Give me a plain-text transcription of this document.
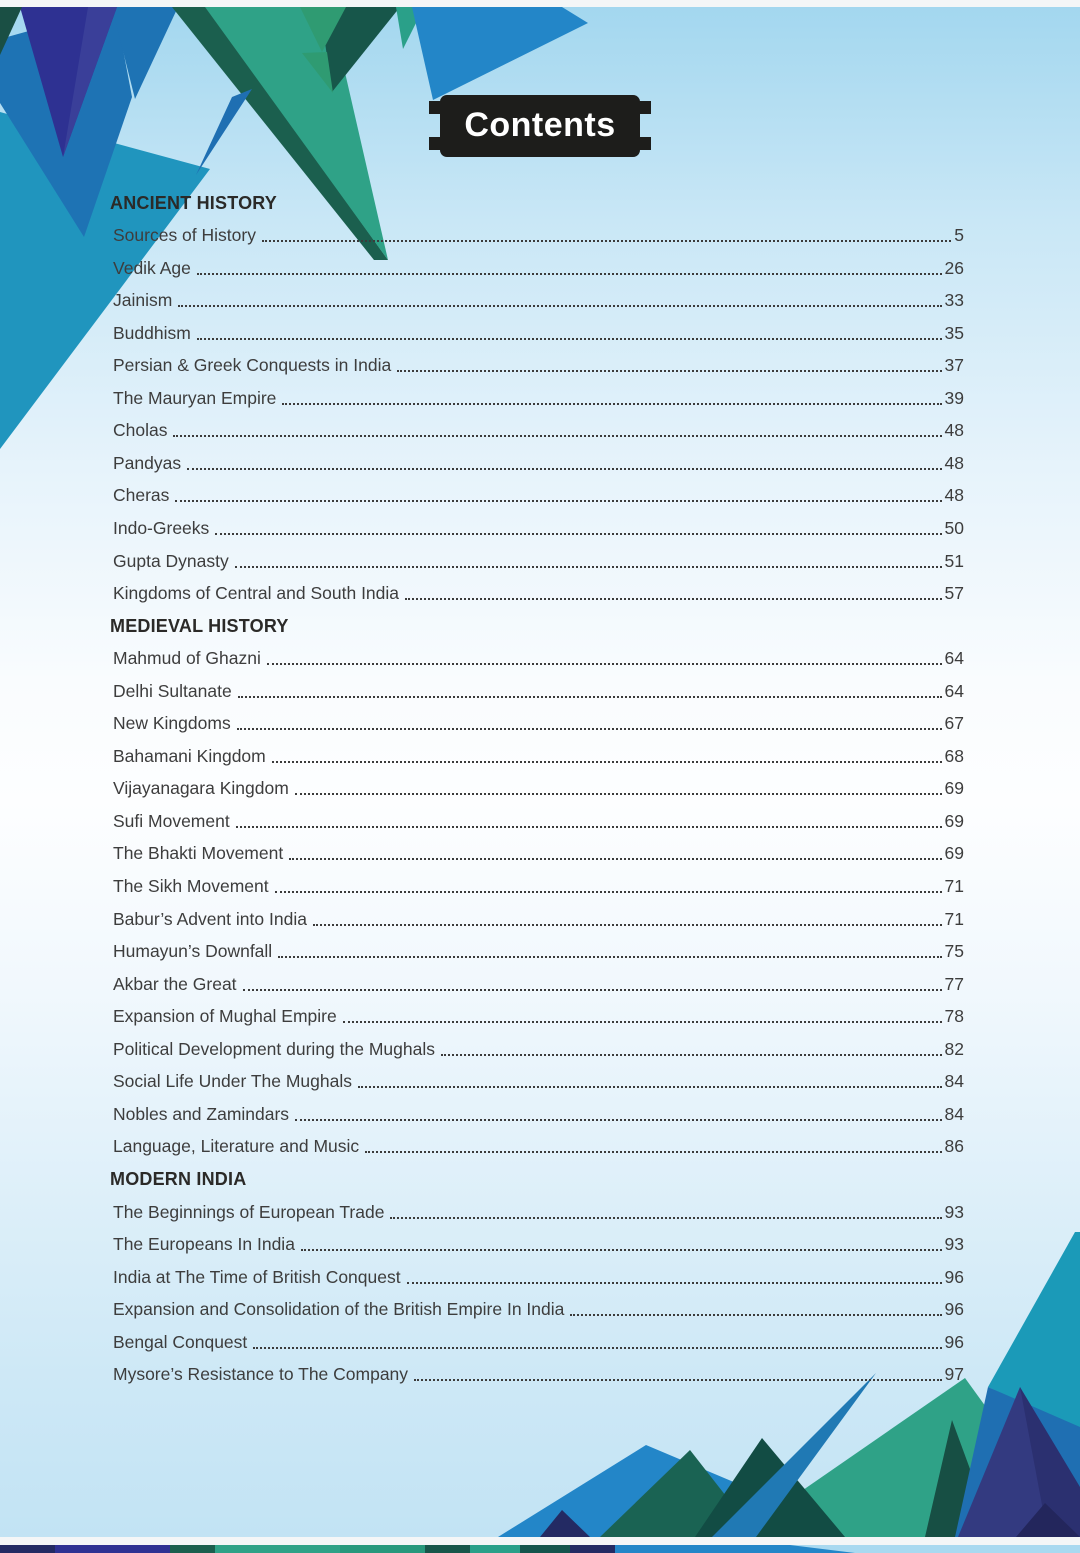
Contents
ANCIENT HISTORY
Sources of History	5
Vedik Age	26
Jainism	33
Buddhism	35
Persian & Greek Conquests in India	37
The Mauryan Empire	39
Cholas	48
Pandyas	48
Cheras	48
Indo-Greeks	50
Gupta Dynasty	51
Kingdoms of Central and South India	57
MEDIEVAL HISTORY
Mahmud of Ghazni	64
Delhi Sultanate	64
New Kingdoms	67
Bahamani Kingdom	68
Vijayanagara Kingdom	69
Sufi Movement	69
The Bhakti Movement	69
The Sikh Movement	71
Babur’s Advent into India	71
Humayun’s Downfall	75
Akbar the Great	77
Expansion of Mughal Empire	78
Political Development during the Mughals	82
Social Life Under The Mughals	84
Nobles and Zamindars	84
Language, Literature and Music	86
MODERN INDIA
The Beginnings of European Trade	93
The Europeans In India	93
India at The Time of British Conquest	96
Expansion and Consolidation of the British Empire In India	96
Bengal Conquest	96
Mysore’s Resistance to The Company	97
